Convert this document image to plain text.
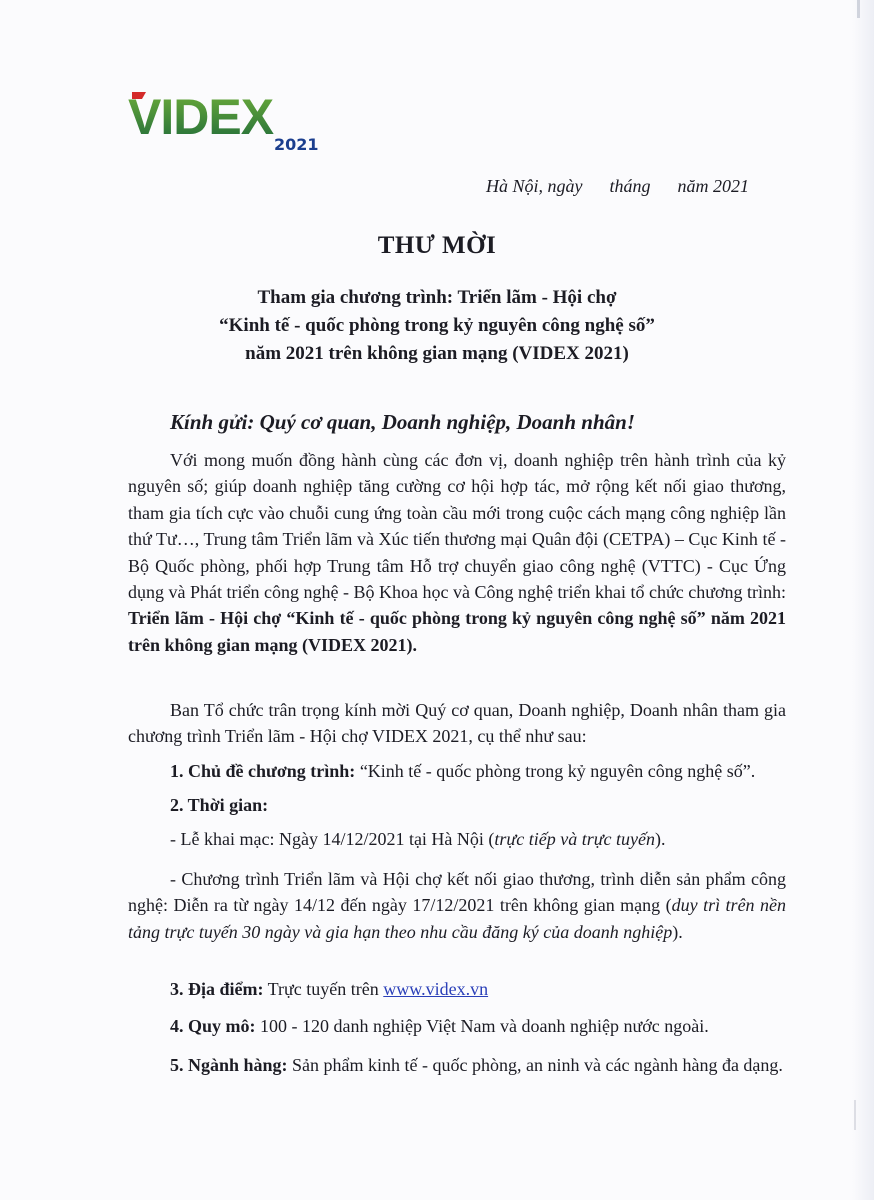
VIDEX 2021
Hà Nội, ngày      tháng      năm 2021
THƯ MỜI
Tham gia chương trình: Triển lãm - Hội chợ
“Kinh tế - quốc phòng trong kỷ nguyên công nghệ số”
năm 2021 trên không gian mạng (VIDEX 2021)
Kính gửi: Quý cơ quan, Doanh nghiệp, Doanh nhân!
Với mong muốn đồng hành cùng các đơn vị, doanh nghiệp trên hành trình của kỷ nguyên số; giúp doanh nghiệp tăng cường cơ hội hợp tác, mở rộng kết nối giao thương, tham gia tích cực vào chuỗi cung ứng toàn cầu mới trong cuộc cách mạng công nghiệp lần thứ Tư…, Trung tâm Triển lãm và Xúc tiến thương mại Quân đội (CETPA) – Cục Kinh tế - Bộ Quốc phòng, phối hợp Trung tâm Hỗ trợ chuyển giao công nghệ (VTTC) - Cục Ứng dụng và Phát triển công nghệ - Bộ Khoa học và Công nghệ triển khai tổ chức chương trình: Triển lãm - Hội chợ “Kinh tế - quốc phòng trong kỷ nguyên công nghệ số” năm 2021 trên không gian mạng (VIDEX 2021).
Ban Tổ chức trân trọng kính mời Quý cơ quan, Doanh nghiệp, Doanh nhân tham gia chương trình Triển lãm - Hội chợ VIDEX 2021, cụ thể như sau:
1. Chủ đề chương trình: “Kinh tế - quốc phòng trong kỷ nguyên công nghệ số”.
2. Thời gian:
- Lễ khai mạc: Ngày 14/12/2021 tại Hà Nội (trực tiếp và trực tuyến).
- Chương trình Triển lãm và Hội chợ kết nối giao thương, trình diễn sản phẩm công nghệ: Diễn ra từ ngày 14/12 đến ngày 17/12/2021 trên không gian mạng (duy trì trên nền tảng trực tuyến 30 ngày và gia hạn theo nhu cầu đăng ký của doanh nghiệp).
3. Địa điểm: Trực tuyến trên www.videx.vn
4. Quy mô: 100 - 120 danh nghiệp Việt Nam và doanh nghiệp nước ngoài.
5. Ngành hàng: Sản phẩm kinh tế - quốc phòng, an ninh và các ngành hàng đa dạng.
